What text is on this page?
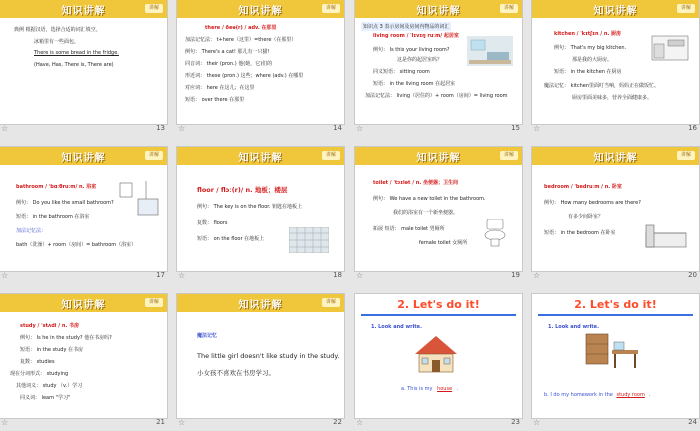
知识讲解	讲解
典例 根据汉语，选择合适的词汇填空。
冰箱里有一些面包。
There is some bread in the fridge.
(Have, Has, There is, There are)
☆	13
知识讲解	讲解
there / ðeə(r) / adv. 在那里
加法记忆法： t+here（这里）=there（在那里）
例句： There's a cat! 那儿有一只猫!
同音词： their (pron.) 他(她，它)们的
形近词： these (pron.) 这些；where (adv.) 在哪里
对应词： here 在这儿；在这里
短语： over there 在那里
☆	14
知识讲解	讲解
知识点 3 表示房间及房间内物品的词汇
living room / ˈlɪvɪŋ ruːm/ 起居室
例句： Is this your living room?
这是你的起居室吗？
同义短语： sitting room
短语： in the living room 在起居室
加法记忆法： living（居住的）+ room（房间）= living room
☆	15
知识讲解	讲解
kitchen / ˈkɪtʃɪn / n. 厨房
例句： That's my big kitchen.
那是我的大厨房。
短语： in the kitchen 在厨房
魔法记忆： kitchen里面叮当响，妈妈正在做饭忙。
厨房里面美味多，营养全面健康多。
☆	16
知识讲解	讲解
bathroom / ˈbɑːθruːm/ n. 浴室
例句： Do you like the small bathroom?
短语： in the bathroom 在浴室
加法记忆法：
bath（洗澡）+ room（房间）= bathroom（浴室）
☆	17
知识讲解	讲解
floor / flɔː(r)/ n. 地板；楼层
例句： The key is on the floor. 钥匙在地板上
复数： floors
短语： on the floor 在地板上
☆	18
知识讲解	讲解
toilet / ˈtɔɪlət / n. 坐便器；卫生间
例句： We have a new toilet in the bathroom.
我们的浴室有一个新坐便器。
拓展 短语： male toilet 男厕所
female toilet 女厕所
☆	19
知识讲解	讲解
bedroom / ˈbedruːm / n. 卧室
例句： How many bedrooms are there?
有多少间卧室？
短语： in the bedroom 在卧室
☆	20
知识讲解	讲解
study / ˈstʌdi / n. 书房
例句： Is he in the study? 他在书房吗?
短语： in the study 在书房
复数： studies
现在分词形式： studying
其他词义： study （v.）学习
同义词： learn "学习"
☆	21
知识讲解	讲解
魔法记忆
The little girl doesn't like study in the study.
小女孩不喜欢在书房学习。
☆	22
2. Let's do it!
1. Look and write.
a. This is my house .
☆	23
2. Let's do it!
1. Look and write.
b. I do my homework in the study room .
☆	24
